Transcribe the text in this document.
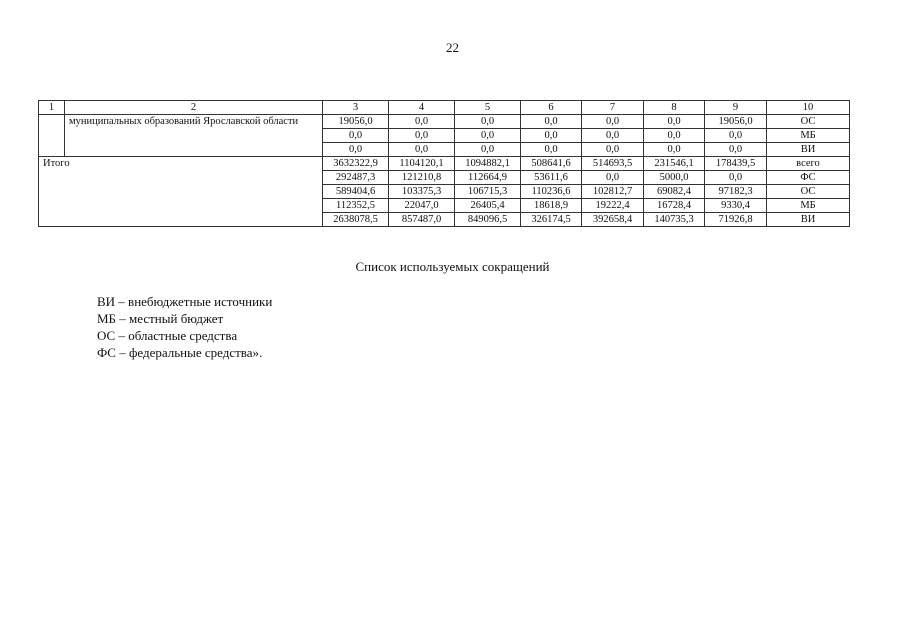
22
1	2	3	4	5	6	7	8	9	10
	муниципальных образований Ярославской области	19056,0	0,0	0,0	0,0	0,0	0,0	19056,0	ОС
		0,0	0,0	0,0	0,0	0,0	0,0	0,0	МБ
		0,0	0,0	0,0	0,0	0,0	0,0	0,0	ВИ
Итого		3632322,9	1104120,1	1094882,1	508641,6	514693,5	231546,1	178439,5	всего
		292487,3	121210,8	112664,9	53611,6	0,0	5000,0	0,0	ФС
		589404,6	103375,3	106715,3	110236,6	102812,7	69082,4	97182,3	ОС
		112352,5	22047,0	26405,4	18618,9	19222,4	16728,4	9330,4	МБ
		2638078,5	857487,0	849096,5	326174,5	392658,4	140735,3	71926,8	ВИ
Список используемых сокращений
ВИ – внебюджетные источники
МБ – местный бюджет
ОС – областные средства
ФС – федеральные средства».
